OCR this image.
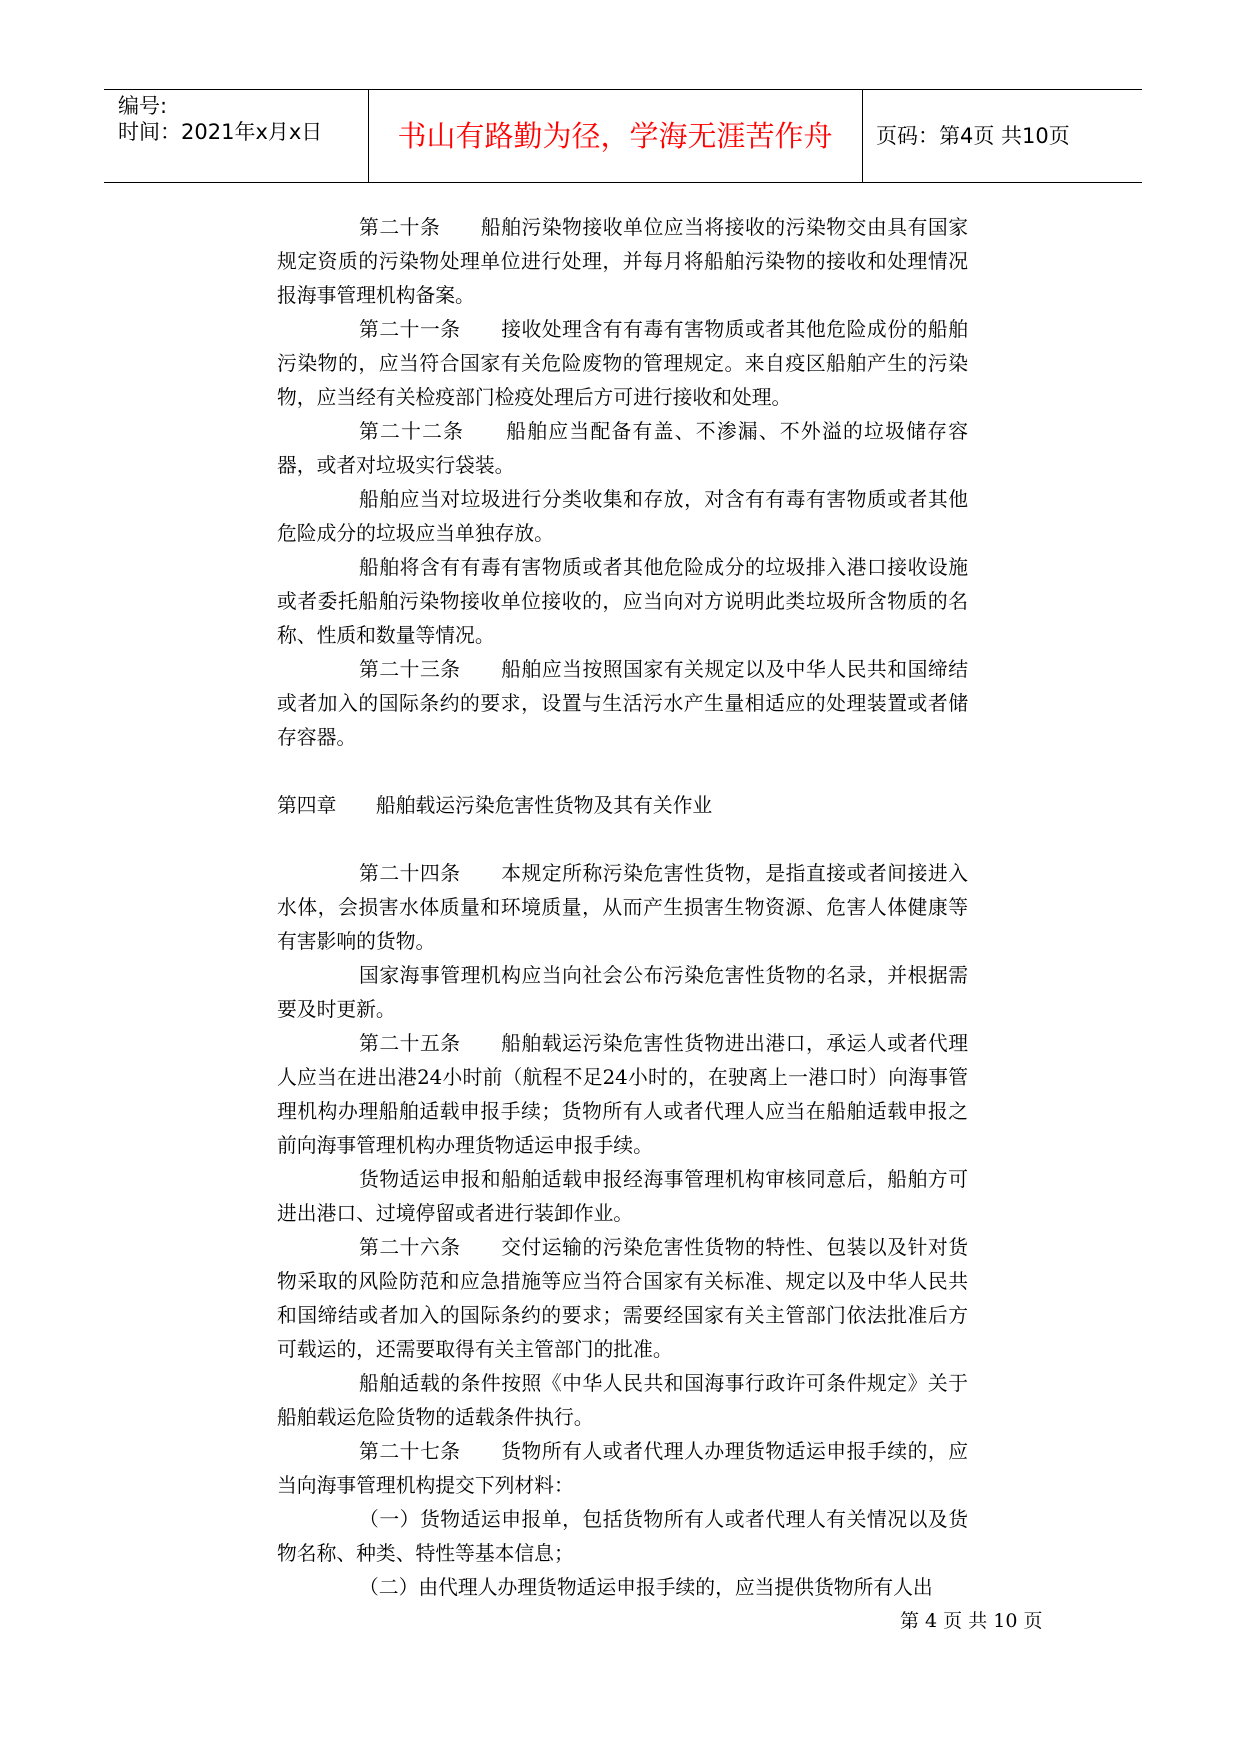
编号:
时间：2021年x月x日	书山有路勤为径，学海无涯苦作舟	页码：第4页 共10页

第二十条　　船舶污染物接收单位应当将接收的污染物交由具有国家规定资质的污染物处理单位进行处理，并每月将船舶污染物的接收和处理情况报海事管理机构备案。

第二十一条　　接收处理含有有毒有害物质或者其他危险成份的船舶污染物的，应当符合国家有关危险废物的管理规定。来自疫区船舶产生的污染物，应当经有关检疫部门检疫处理后方可进行接收和处理。

第二十二条　　船舶应当配备有盖、不渗漏、不外溢的垃圾储存容器，或者对垃圾实行袋装。

船舶应当对垃圾进行分类收集和存放，对含有有毒有害物质或者其他危险成分的垃圾应当单独存放。

船舶将含有有毒有害物质或者其他危险成分的垃圾排入港口接收设施或者委托船舶污染物接收单位接收的，应当向对方说明此类垃圾所含物质的名称、性质和数量等情况。

第二十三条　　船舶应当按照国家有关规定以及中华人民共和国缔结或者加入的国际条约的要求，设置与生活污水产生量相适应的处理装置或者储存容器。

第四章　　船舶载运污染危害性货物及其有关作业

第二十四条　　本规定所称污染危害性货物，是指直接或者间接进入水体，会损害水体质量和环境质量，从而产生损害生物资源、危害人体健康等有害影响的货物。

国家海事管理机构应当向社会公布污染危害性货物的名录，并根据需要及时更新。

第二十五条　　船舶载运污染危害性货物进出港口，承运人或者代理人应当在进出港24小时前（航程不足24小时的，在驶离上一港口时）向海事管理机构办理船舶适载申报手续；货物所有人或者代理人应当在船舶适载申报之前向海事管理机构办理货物适运申报手续。

货物适运申报和船舶适载申报经海事管理机构审核同意后，船舶方可进出港口、过境停留或者进行装卸作业。

第二十六条　　交付运输的污染危害性货物的特性、包装以及针对货物采取的风险防范和应急措施等应当符合国家有关标准、规定以及中华人民共和国缔结或者加入的国际条约的要求；需要经国家有关主管部门依法批准后方可载运的，还需要取得有关主管部门的批准。

船舶适载的条件按照《中华人民共和国海事行政许可条件规定》关于船舶载运危险货物的适载条件执行。

第二十七条　　货物所有人或者代理人办理货物适运申报手续的，应当向海事管理机构提交下列材料：

（一）货物适运申报单，包括货物所有人或者代理人有关情况以及货物名称、种类、特性等基本信息；

（二）由代理人办理货物适运申报手续的，应当提供货物所有人出

第 4 页 共 10 页
